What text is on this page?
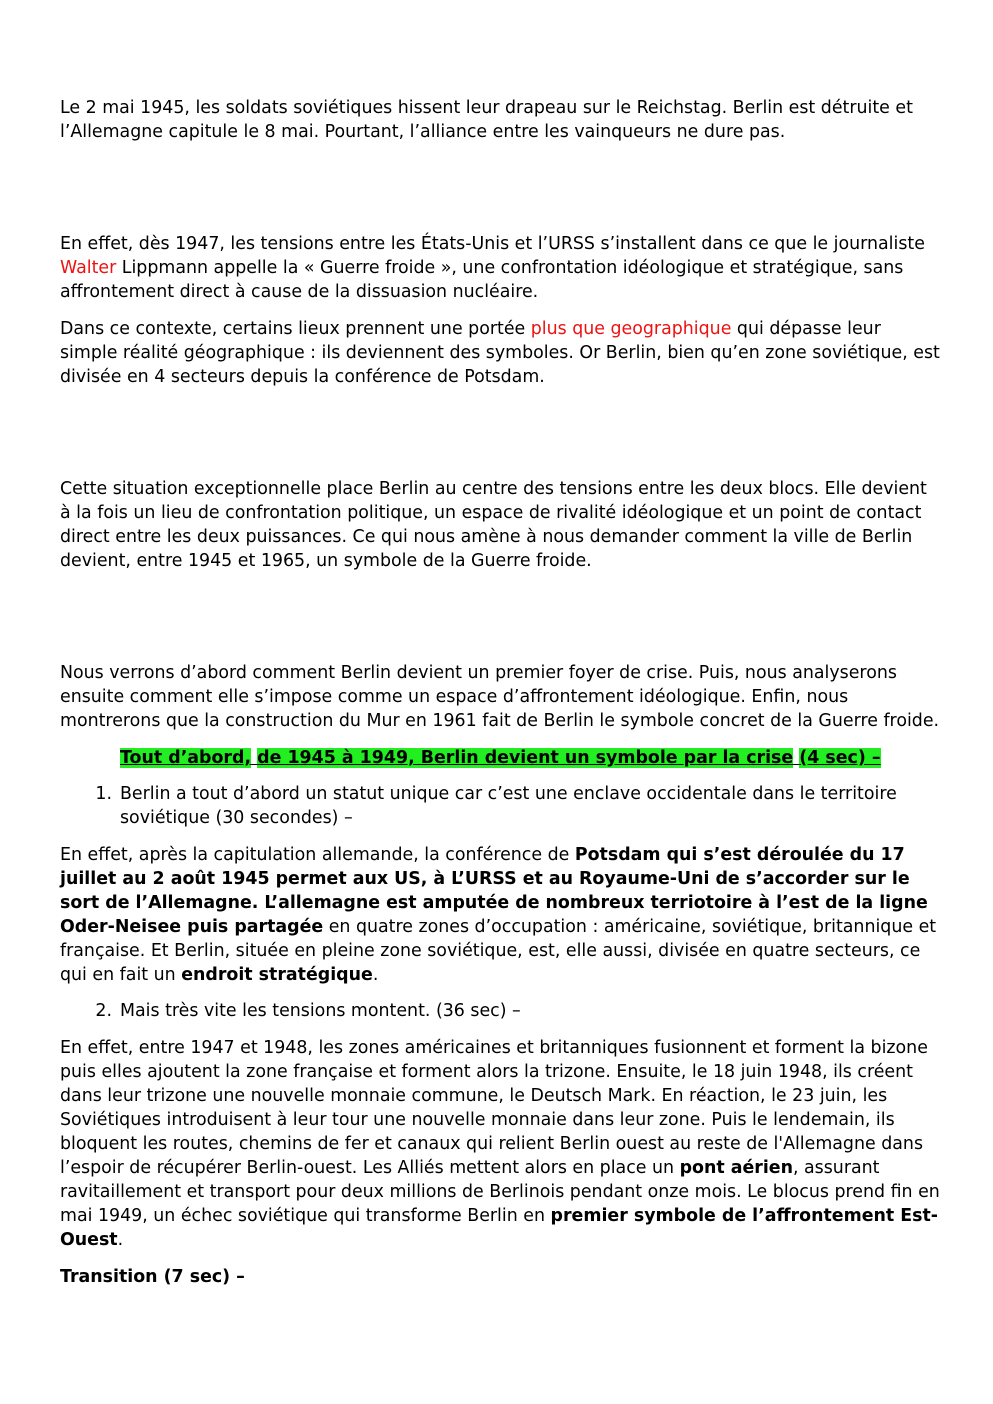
Le 2 mai 1945, les soldats soviétiques hissent leur drapeau sur le Reichstag. Berlin est détruite et l’Allemagne capitule le 8 mai. Pourtant, l’alliance entre les vainqueurs ne dure pas.

En effet, dès 1947, les tensions entre les États-Unis et l’URSS s’installent dans ce que le journaliste Walter Lippmann appelle la « Guerre froide », une confrontation idéologique et stratégique, sans affrontement direct à cause de la dissuasion nucléaire.

Dans ce contexte, certains lieux prennent une portée plus que geographique qui dépasse leur simple réalité géographique : ils deviennent des symboles. Or Berlin, bien qu’en zone soviétique, est divisée en 4 secteurs depuis la conférence de Potsdam.

Cette situation exceptionnelle place Berlin au centre des tensions entre les deux blocs. Elle devient à la fois un lieu de confrontation politique, un espace de rivalité idéologique et un point de contact direct entre les deux puissances. Ce qui nous amène à nous demander comment la ville de Berlin devient, entre 1945 et 1965, un symbole de la Guerre froide.

Nous verrons d’abord comment Berlin devient un premier foyer de crise. Puis, nous analyserons ensuite comment elle s’impose comme un espace d’affrontement idéologique. Enfin, nous montrerons que la construction du Mur en 1961 fait de Berlin le symbole concret de la Guerre froide.

Tout d’abord, de 1945 à 1949, Berlin devient un symbole par la crise (4 sec) –

1. Berlin a tout d’abord un statut unique car c’est une enclave occidentale dans le territoire soviétique (30 secondes) –

En effet, après la capitulation allemande, la conférence de Potsdam qui s’est déroulée du 17 juillet au 2 août 1945 permet aux US, à L’URSS et au Royaume-Uni de s’accorder sur le sort de l’Allemagne. L’allemagne est amputée de nombreux terriotoire à l’est de la ligne Oder-Neisee puis partagée en quatre zones d’occupation : américaine, soviétique, britannique et française. Et Berlin, située en pleine zone soviétique, est, elle aussi, divisée en quatre secteurs, ce qui en fait un endroit stratégique.

2. Mais très vite les tensions montent. (36 sec) –

En effet, entre 1947 et 1948, les zones américaines et britanniques fusionnent et forment la bizone puis elles ajoutent la zone française et forment alors la trizone. Ensuite, le 18 juin 1948, ils créent dans leur trizone une nouvelle monnaie commune, le Deutsch Mark. En réaction, le 23 juin, les Soviétiques introduisent à leur tour une nouvelle monnaie dans leur zone. Puis le lendemain, ils bloquent les routes, chemins de fer et canaux qui relient Berlin ouest au reste de l'Allemagne dans l’espoir de récupérer Berlin-ouest. Les Alliés mettent alors en place un pont aérien, assurant ravitaillement et transport pour deux millions de Berlinois pendant onze mois. Le blocus prend fin en mai 1949, un échec soviétique qui transforme Berlin en premier symbole de l’affrontement Est-Ouest.

Transition (7 sec) –
